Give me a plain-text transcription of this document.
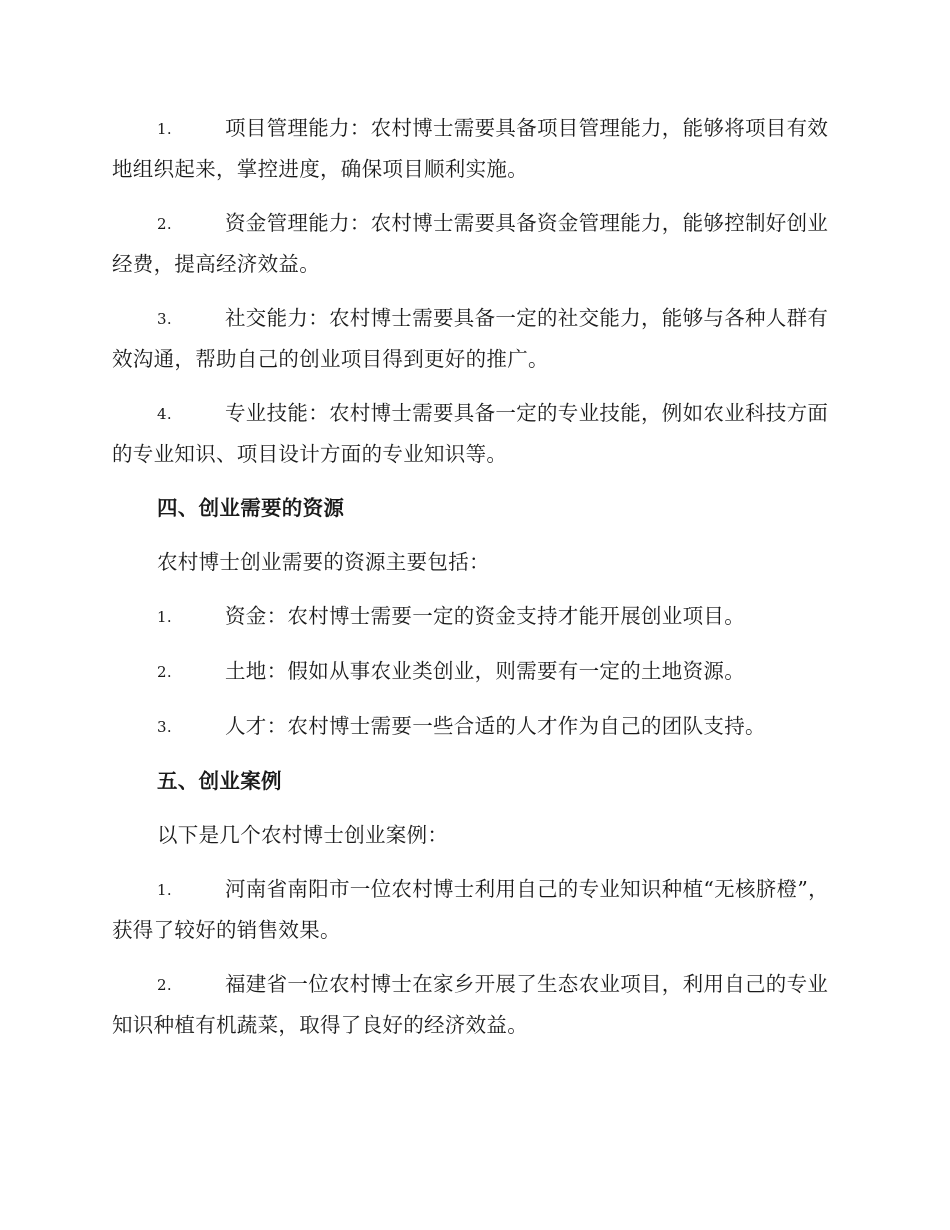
1.	项目管理能力：农村博士需要具备项目管理能力，能够将项目有效地组织起来，掌控进度，确保项目顺利实施。

2.	资金管理能力：农村博士需要具备资金管理能力，能够控制好创业经费，提高经济效益。

3.	社交能力：农村博士需要具备一定的社交能力，能够与各种人群有效沟通，帮助自己的创业项目得到更好的推广。

4.	专业技能：农村博士需要具备一定的专业技能，例如农业科技方面的专业知识、项目设计方面的专业知识等。

四、创业需要的资源

农村博士创业需要的资源主要包括：

1.	资金：农村博士需要一定的资金支持才能开展创业项目。

2.	土地：假如从事农业类创业，则需要有一定的土地资源。

3.	人才：农村博士需要一些合适的人才作为自己的团队支持。

五、创业案例

以下是几个农村博士创业案例：

1.	河南省南阳市一位农村博士利用自己的专业知识种植“无核脐橙”，获得了较好的销售效果。

2.	福建省一位农村博士在家乡开展了生态农业项目，利用自己的专业知识种植有机蔬菜，取得了良好的经济效益。
